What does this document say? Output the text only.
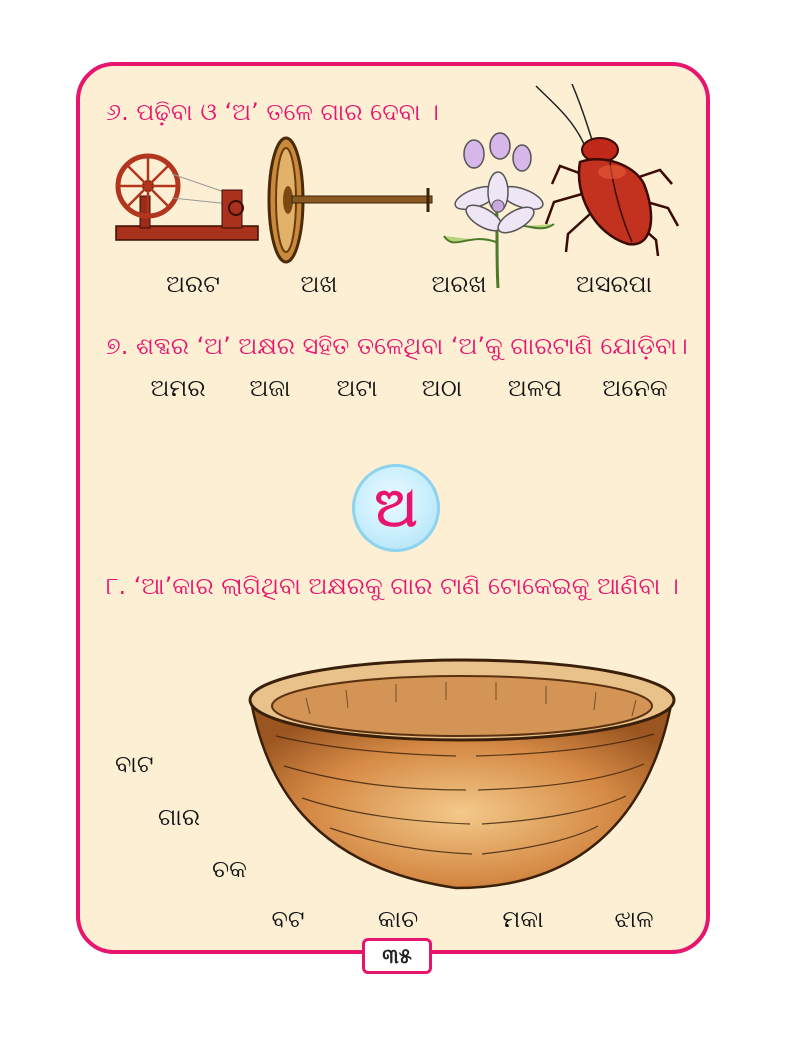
୬. ପଢ଼ିବା ଓ ‘ଅ’ ତଳେ ଗାର ଦେବା ।
ଅରଟ	ଅଖ	ଅରଖ	ଅସରପା
୭. ଶବ୍ଦର ‘ଅ’ ଅକ୍ଷର ସହିତ ତଳେଥିବା ‘ଅ’କୁ ଗାରଟାଣି ଯୋଡ଼ିବା।
ଅମର ଅଜା ଅଟା ଅଠା ଅଳପ ଅନେକ
ଅ
୮. ‘ଆ’କାର ଲାଗିଥିବା ଅକ୍ଷରକୁ ଗାର ଟାଣି ଟୋକେଇକୁ ଆଣିବା ।
ବାଟ
ଗାର
ଚକ
ବଟ	କାଚ	ମକା	ଝାଳ
୩୫
